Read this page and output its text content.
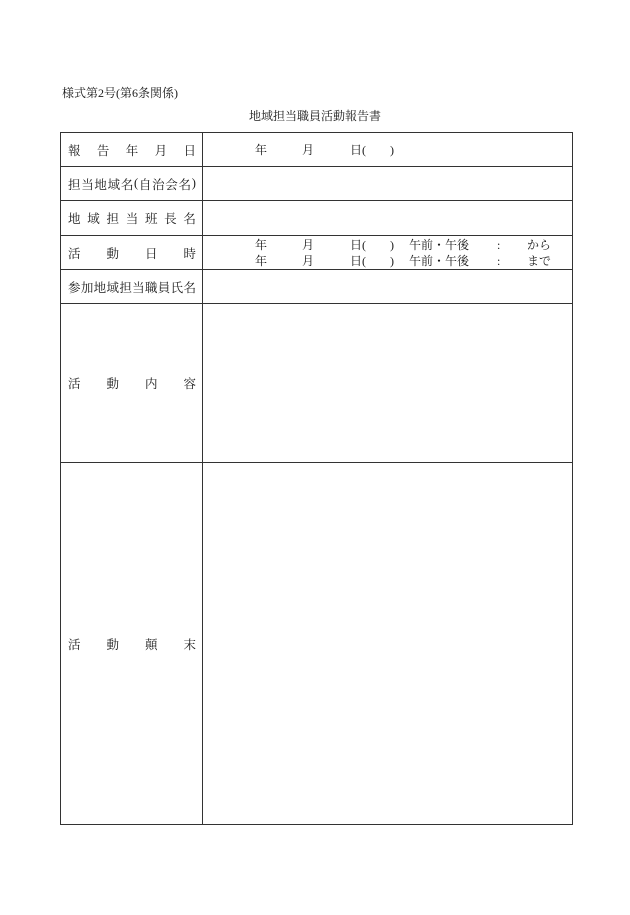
様式第2号(第6条関係)
地域担当職員活動報告書
報 告 年 月 日	年	月	日( )
担 当 地 域 名 ( 自 治 会 名 )
地 域 担 当 班 長 名
活 動 日 時
年	月	日( ) 午前・午後 : から
年	月	日( ) 午前・午後 : まで
参 加 地 域 担 当 職 員 氏 名
活 動 内 容
活 動 顛 末
